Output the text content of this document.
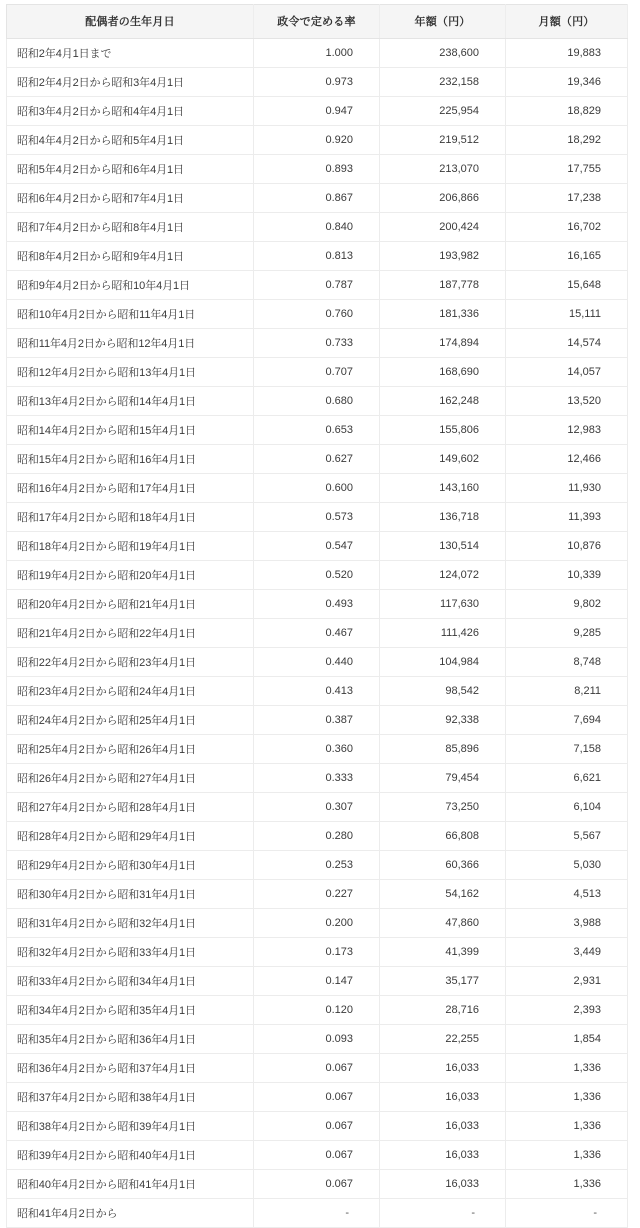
配偶者の生年月日	政令で定める率	年額（円）	月額（円）
昭和2年4月1日まで	1.000	238,600	19,883
昭和2年4月2日から昭和3年4月1日	0.973	232,158	19,346
昭和3年4月2日から昭和4年4月1日	0.947	225,954	18,829
昭和4年4月2日から昭和5年4月1日	0.920	219,512	18,292
昭和5年4月2日から昭和6年4月1日	0.893	213,070	17,755
昭和6年4月2日から昭和7年4月1日	0.867	206,866	17,238
昭和7年4月2日から昭和8年4月1日	0.840	200,424	16,702
昭和8年4月2日から昭和9年4月1日	0.813	193,982	16,165
昭和9年4月2日から昭和10年4月1日	0.787	187,778	15,648
昭和10年4月2日から昭和11年4月1日	0.760	181,336	15,111
昭和11年4月2日から昭和12年4月1日	0.733	174,894	14,574
昭和12年4月2日から昭和13年4月1日	0.707	168,690	14,057
昭和13年4月2日から昭和14年4月1日	0.680	162,248	13,520
昭和14年4月2日から昭和15年4月1日	0.653	155,806	12,983
昭和15年4月2日から昭和16年4月1日	0.627	149,602	12,466
昭和16年4月2日から昭和17年4月1日	0.600	143,160	11,930
昭和17年4月2日から昭和18年4月1日	0.573	136,718	11,393
昭和18年4月2日から昭和19年4月1日	0.547	130,514	10,876
昭和19年4月2日から昭和20年4月1日	0.520	124,072	10,339
昭和20年4月2日から昭和21年4月1日	0.493	117,630	9,802
昭和21年4月2日から昭和22年4月1日	0.467	111,426	9,285
昭和22年4月2日から昭和23年4月1日	0.440	104,984	8,748
昭和23年4月2日から昭和24年4月1日	0.413	98,542	8,211
昭和24年4月2日から昭和25年4月1日	0.387	92,338	7,694
昭和25年4月2日から昭和26年4月1日	0.360	85,896	7,158
昭和26年4月2日から昭和27年4月1日	0.333	79,454	6,621
昭和27年4月2日から昭和28年4月1日	0.307	73,250	6,104
昭和28年4月2日から昭和29年4月1日	0.280	66,808	5,567
昭和29年4月2日から昭和30年4月1日	0.253	60,366	5,030
昭和30年4月2日から昭和31年4月1日	0.227	54,162	4,513
昭和31年4月2日から昭和32年4月1日	0.200	47,860	3,988
昭和32年4月2日から昭和33年4月1日	0.173	41,399	3,449
昭和33年4月2日から昭和34年4月1日	0.147	35,177	2,931
昭和34年4月2日から昭和35年4月1日	0.120	28,716	2,393
昭和35年4月2日から昭和36年4月1日	0.093	22,255	1,854
昭和36年4月2日から昭和37年4月1日	0.067	16,033	1,336
昭和37年4月2日から昭和38年4月1日	0.067	16,033	1,336
昭和38年4月2日から昭和39年4月1日	0.067	16,033	1,336
昭和39年4月2日から昭和40年4月1日	0.067	16,033	1,336
昭和40年4月2日から昭和41年4月1日	0.067	16,033	1,336
昭和41年4月2日から	-	-	-
